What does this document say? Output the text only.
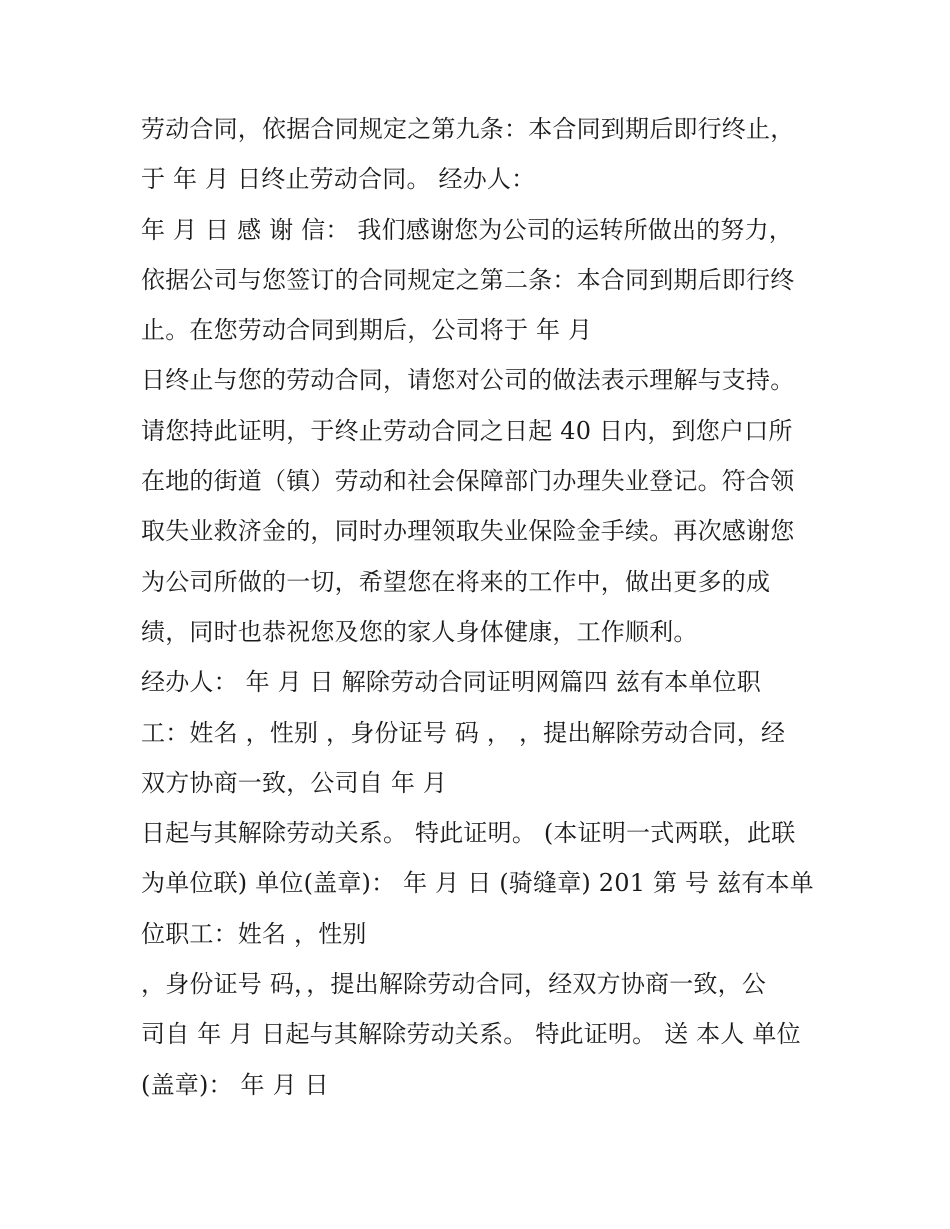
劳动合同，依据合同规定之第九条：本合同到期后即行终止，
于 年 月 日终止劳动合同。 经办人：
年 月 日 感 谢 信： 我们感谢您为公司的运转所做出的努力，
依据公司与您签订的合同规定之第二条：本合同到期后即行终
止。在您劳动合同到期后，公司将于 年 月
日终止与您的劳动合同，请您对公司的做法表示理解与支持。
请您持此证明，于终止劳动合同之日起 40 日内，到您户口所
在地的街道（镇）劳动和社会保障部门办理失业登记。符合领
取失业救济金的，同时办理领取失业保险金手续。再次感谢您
为公司所做的一切，希望您在将来的工作中，做出更多的成
绩，同时也恭祝您及您的家人身体健康，工作顺利。
经办人： 年 月 日 解除劳动合同证明网篇四 兹有本单位职
工：姓名 ，性别 ，身份证号 码 ， ，提出解除劳动合同，经
双方协商一致，公司自 年 月
日起与其解除劳动关系。 特此证明。 (本证明一式两联，此联
为单位联) 单位(盖章)： 年 月 日 (骑缝章) 201 第 号 兹有本单
位职工：姓名 ，性别
，身份证号 码，，提出解除劳动合同，经双方协商一致，公
司自 年 月 日起与其解除劳动关系。 特此证明。 送 本人 单位
(盖章)： 年 月 日
